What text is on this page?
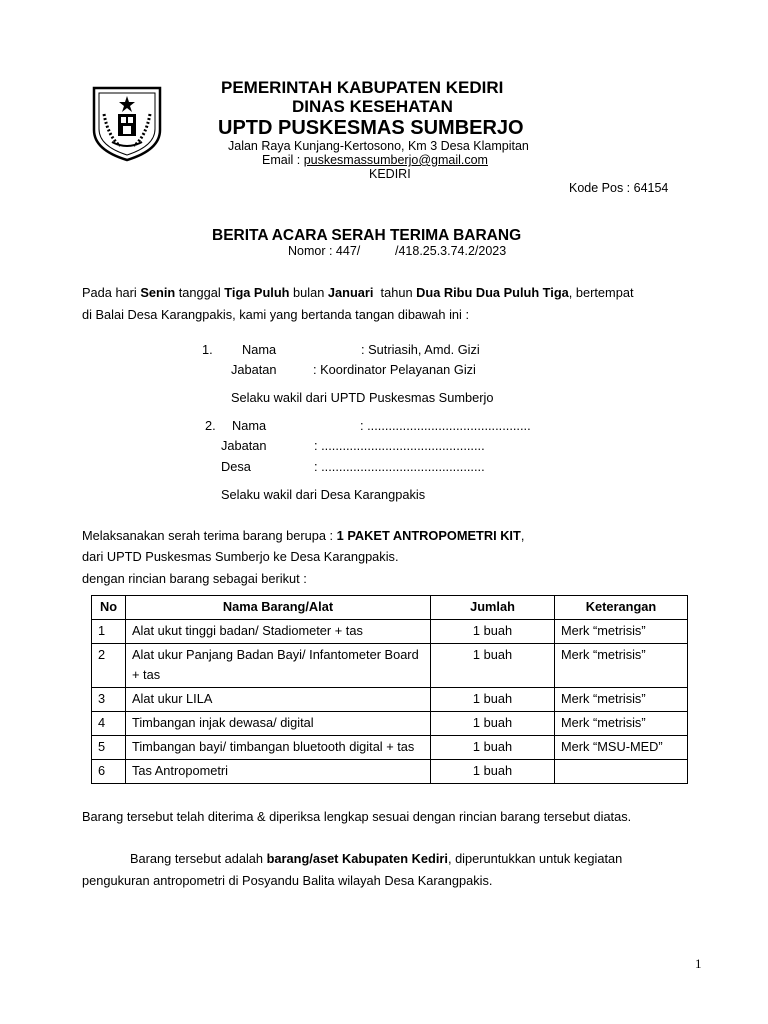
PEMERINTAH KABUPATEN KEDIRI
DINAS KESEHATAN
UPTD PUSKESMAS SUMBERJO
Jalan Raya Kunjang-Kertosono, Km 3 Desa Klampitan
Email : puskesmassumberjo@gmail.com
KEDIRI
Kode Pos : 64154
BERITA ACARA SERAH TERIMA BARANG
Nomor : 447/	/418.25.3.74.2/2023
Pada hari Senin tanggal Tiga Puluh bulan Januari  tahun Dua Ribu Dua Puluh Tiga, bertempat
di Balai Desa Karangpakis, kami yang bertanda tangan dibawah ini :
1. Nama	: Sutriasih, Amd. Gizi
Jabatan	: Koordinator Pelayanan Gizi
Selaku wakil dari UPTD Puskesmas Sumberjo
2. Nama	: ..............................................
Jabatan	: ..............................................
Desa	: ..............................................
Selaku wakil dari Desa Karangpakis
Melaksanakan serah terima barang berupa : 1 PAKET ANTROPOMETRI KIT,
dari UPTD Puskesmas Sumberjo ke Desa Karangpakis.
dengan rincian barang sebagai berikut :
No	Nama Barang/Alat	Jumlah	Keterangan
1	Alat ukut tinggi badan/ Stadiometer + tas	1 buah	Merk “metrisis”
2	Alat ukur Panjang Badan Bayi/ Infantometer Board + tas	1 buah	Merk “metrisis”
3	Alat ukur LILA	1 buah	Merk “metrisis”
4	Timbangan injak dewasa/ digital	1 buah	Merk “metrisis”
5	Timbangan bayi/ timbangan bluetooth digital + tas	1 buah	Merk “MSU-MED”
6	Tas Antropometri	1 buah	
Barang tersebut telah diterima & diperiksa lengkap sesuai dengan rincian barang tersebut diatas.
Barang tersebut adalah barang/aset Kabupaten Kediri, diperuntukkan untuk kegiatan
pengukuran antropometri di Posyandu Balita wilayah Desa Karangpakis.
1
